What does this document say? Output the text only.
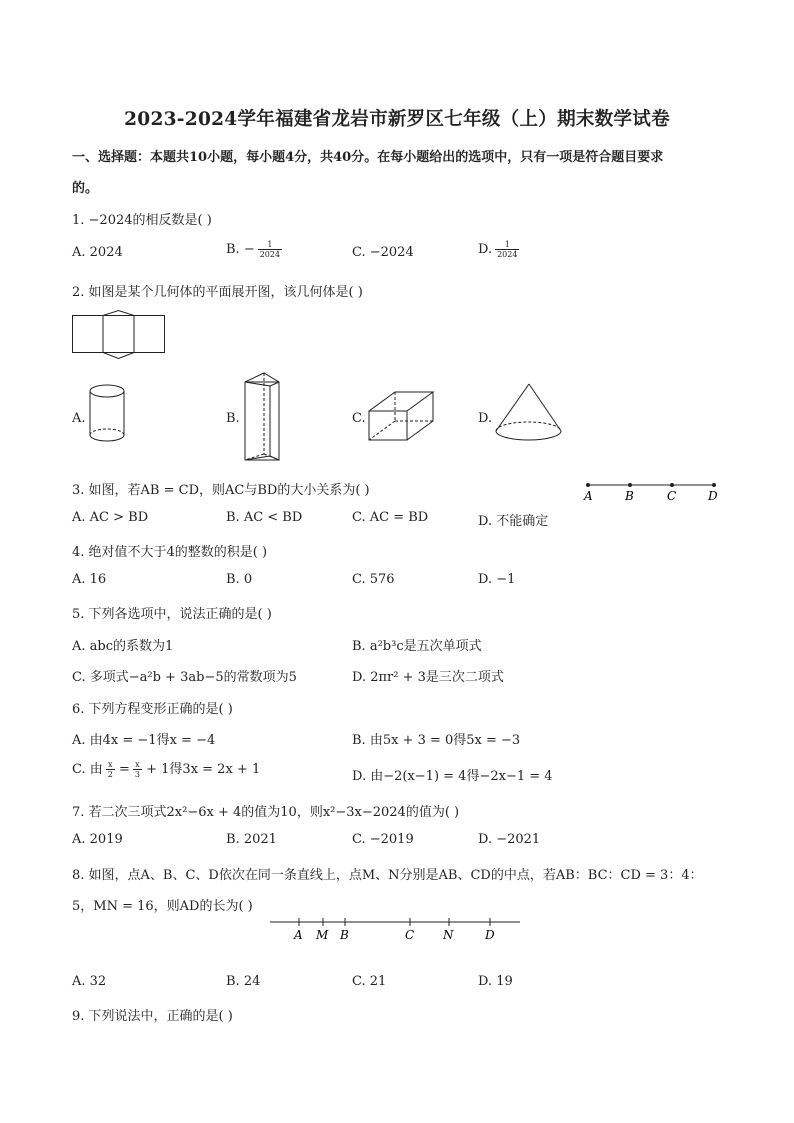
2023-2024学年福建省龙岩市新罗区七年级（上）期末数学试卷
一、选择题：本题共10小题，每小题4分，共40分。在每小题给出的选项中，只有一项是符合题目要求
的。
1. −2024的相反数是( )
A. 2024	B. − $\frac{1}{2024}$	C. −2024	D. $\frac{1}{2024}$
2. 如图是某个几何体的平面展开图，该几何体是( )
A.	B.	C.	D.
3. 如图，若AB = CD，则AC与BD的大小关系为( )	A	B	C	D
A. AC > BD	B. AC < BD	C. AC = BD	D. 不能确定
4. 绝对值不大于4的整数的积是( )
A. 16	B. 0	C. 576	D. −1
5. 下列各选项中，说法正确的是( )
A. abc的系数为1	B. a²b³c是五次单项式
C. 多项式−a²b + 3ab−5的常数项为5	D. 2πr² + 3是三次二项式
6. 下列方程变形正确的是( )
A. 由4x = −1得x = −4	B. 由5x + 3 = 0得5x = −3
C. 由 $\frac{x}{2} = \frac{x}{3} + 1$得3x = 2x + 1	D. 由−2(x−1) = 4得−2x−1 = 4
7. 若二次三项式2x²−6x + 4的值为10，则x²−3x−2024的值为( )
A. 2019	B. 2021	C. −2019	D. −2021
8. 如图，点A、B、C、D依次在同一条直线上，点M、N分别是AB、CD的中点，若AB：BC：CD = 3：4：
5，MN = 16，则AD的长为( )
A M B	C N	D
A. 32	B. 24	C. 21	D. 19
9. 下列说法中，正确的是( )
